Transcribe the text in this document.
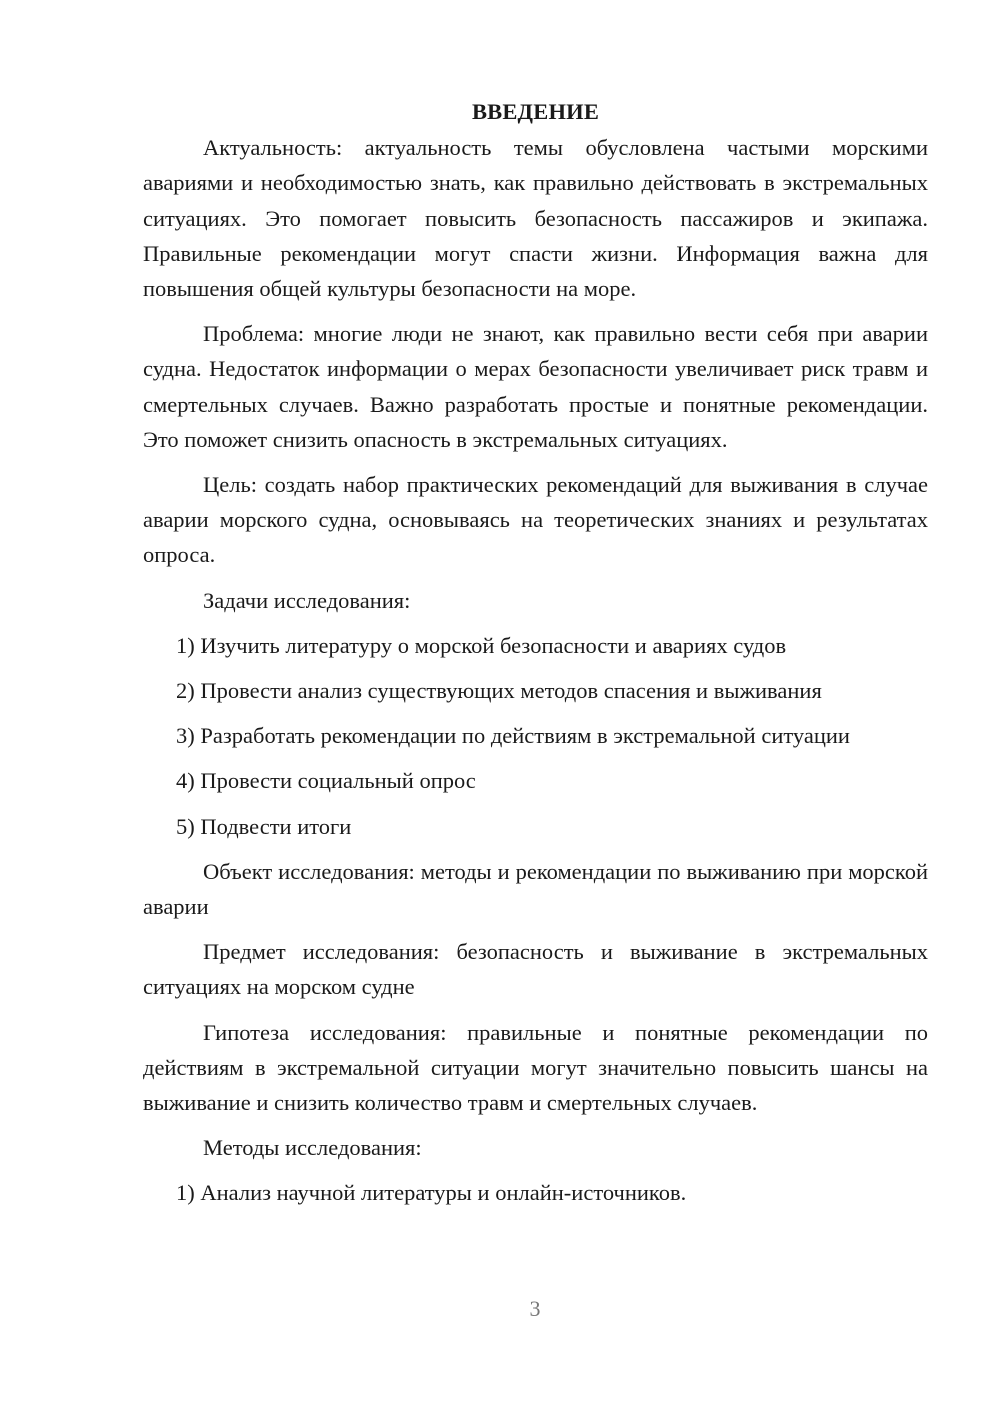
ВВЕДЕНИЕ

Актуальность: актуальность темы обусловлена частыми морскими авариями и необходимостью знать, как правильно действовать в экстремальных ситуациях. Это помогает повысить безопасность пассажиров и экипажа. Правильные рекомендации могут спасти жизни. Информация важна для повышения общей культуры безопасности на море.

Проблема: многие люди не знают, как правильно вести себя при аварии судна. Недостаток информации о мерах безопасности увеличивает риск травм и смертельных случаев. Важно разработать простые и понятные рекомендации. Это поможет снизить опасность в экстремальных ситуациях.

Цель: создать набор практических рекомендаций для выживания в случае аварии морского судна, основываясь на теоретических знаниях и результатах опроса.

Задачи исследования:

1) Изучить литературу о морской безопасности и авариях судов
2) Провести анализ существующих методов спасения и выживания
3) Разработать рекомендации по действиям в экстремальной ситуации
4) Провести социальный опрос
5) Подвести итоги

Объект исследования: методы и рекомендации по выживанию при морской аварии

Предмет исследования: безопасность и выживание в экстремальных ситуациях на морском судне

Гипотеза исследования: правильные и понятные рекомендации по действиям в экстремальной ситуации могут значительно повысить шансы на выживание и снизить количество травм и смертельных случаев.

Методы исследования:

1) Анализ научной литературы и онлайн-источников.
3
